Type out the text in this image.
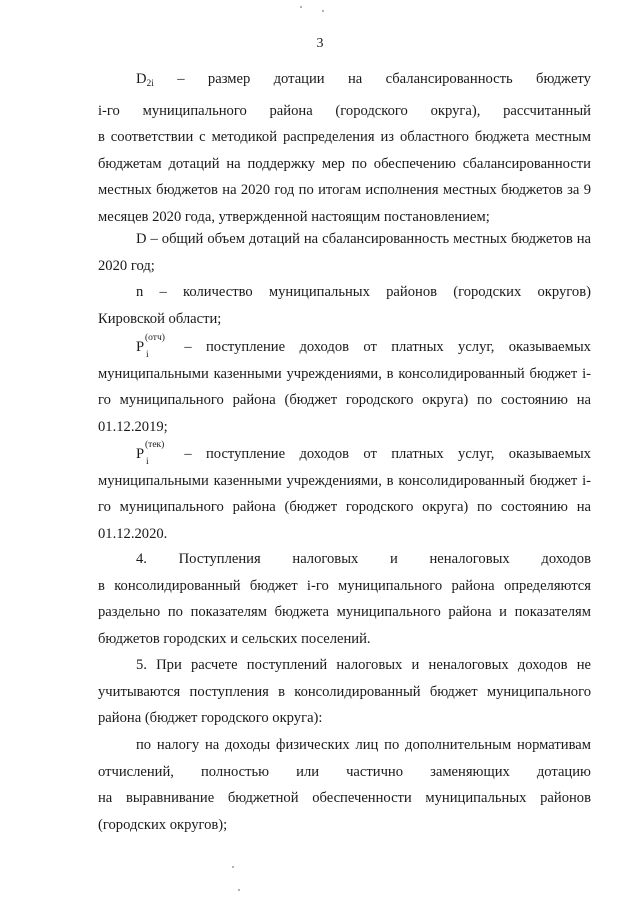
3
$D_{2i}$ – размер дотации на сбалансированность бюджету
i-го муниципального района (городского округа), рассчитанный

в соответствии с методикой распределения из областного бюджета местным бюджетам дотаций на поддержку мер по обеспечению сбалансированности местных бюджетов на 2020 год по итогам исполнения местных бюджетов за 9 месяцев 2020 года, утвержденной настоящим постановлением;

D – общий объем дотаций на сбалансированность местных бюджетов на 2020 год;

n – количество муниципальных районов (городских округов)

Кировской области;

P
(отч)
i – поступление доходов от платных услуг, оказываемых

муниципальными казенными учреждениями, в консолидированный бюджет i-го муниципального района (бюджет городского округа) по состоянию на 01.12.2019;

P
(тек)
i – поступление доходов от платных услуг, оказываемых

муниципальными казенными учреждениями, в консолидированный бюджет i-го муниципального района (бюджет городского округа) по состоянию на 01.12.2020.

4. Поступления налоговых и неналоговых доходов

в консолидированный бюджет i-го муниципального района определяются раздельно по показателям бюджета муниципального района и показателям бюджетов городских и сельских поселений.

5. При расчете поступлений налоговых и неналоговых доходов не учитываются поступления в консолидированный бюджет муниципального района (бюджет городского округа):

по налогу на доходы физических лиц по дополнительным нормативам

отчислений, полностью или частично заменяющих дотацию

на выравнивание бюджетной обеспеченности муниципальных районов (городских округов);
